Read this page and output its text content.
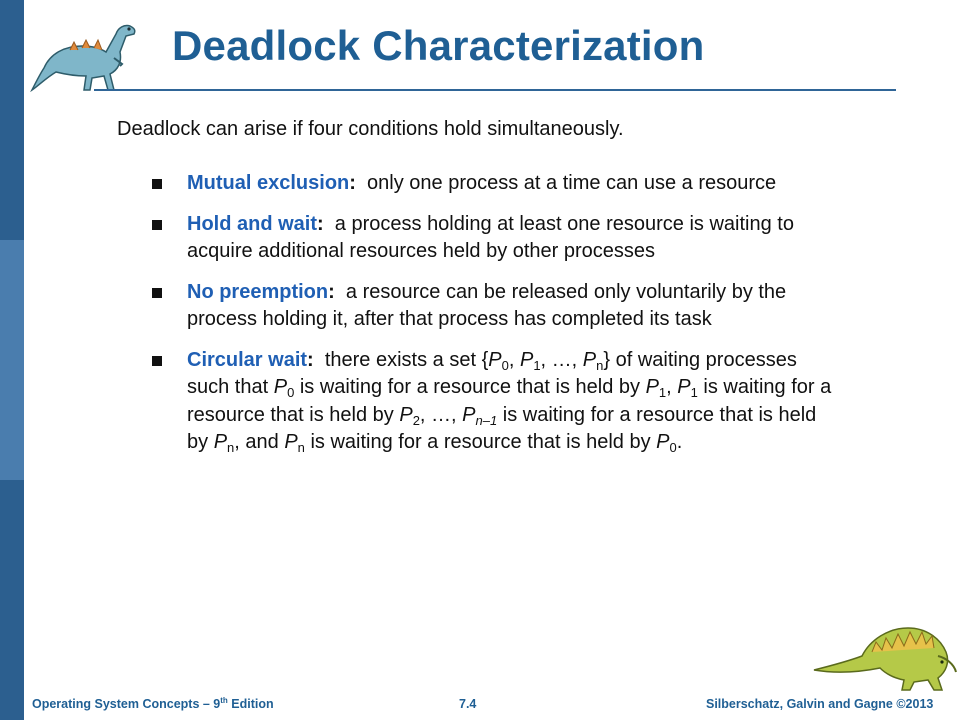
Deadlock Characterization
Deadlock can arise if four conditions hold simultaneously.
Mutual exclusion: only one process at a time can use a resource
Hold and wait: a process holding at least one resource is waiting to acquire additional resources held by other processes
No preemption: a resource can be released only voluntarily by the process holding it, after that process has completed its task
Circular wait: there exists a set {$P_0$, $P_1$, …, $P_n$} of waiting processes such that $P_0$ is waiting for a resource that is held by $P_1$, $P_1$ is waiting for a resource that is held by $P_2$, …, $P_{n-1}$ is waiting for a resource that is held by $P_n$, and $P_n$ is waiting for a resource that is held by $P_0$.
Operating System Concepts – 9th Edition	7.4	Silberschatz, Galvin and Gagne ©2013
